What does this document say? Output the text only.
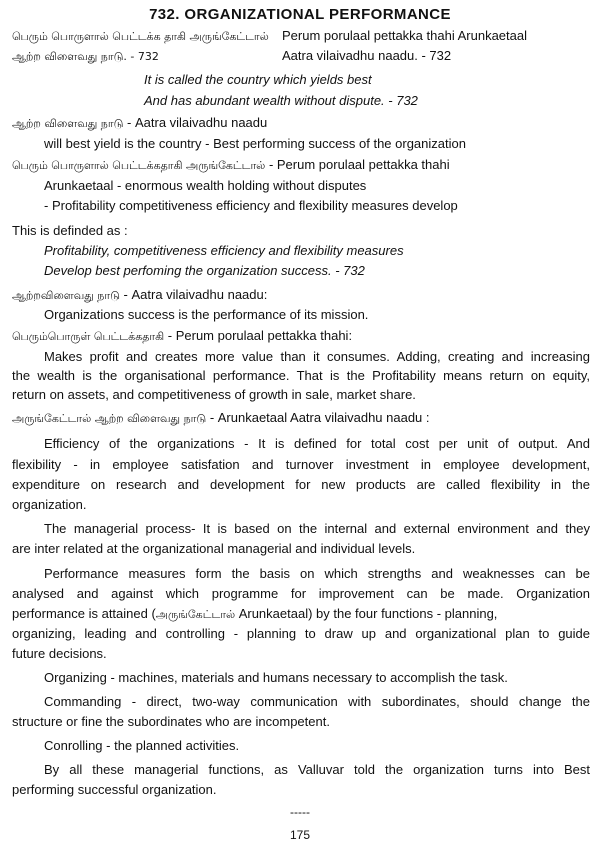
732. ORGANIZATIONAL PERFORMANCE
பெரும் பொருளால் பெட்டக்க தாகி அருங்கேட்டால் Perum porulaal pettakka thahi Arunkaetaal
ஆற்ற விளைவது நாடு. - 732	Aatra vilaivadhu naadu. - 732
It is called the country which yields best
And has abundant wealth without dispute. - 732
ஆற்ற விளைவது நாடு - Aatra vilaivadhu naadu
will best yield is the country - Best performing success of the organization
பெரும் பொருளால் பெட்டக்கதாகி அருங்கேட்டால் - Perum porulaal pettakka thahi
Arunkaetaal - enormous wealth holding without disputes
- Profitability competitiveness efficiency and flexibility measures develop
This is definded as :
Profitability, competitiveness efficiency and flexibility measures
Develop best perfoming the organization success. - 732
ஆற்றவிளைவது நாடு - Aatra vilaivadhu naadu:
Organizations success is the performance of its mission.
பெரும்பொருள் பெட்டக்கதாகி - Perum porulaal pettakka thahi:
Makes profit and creates more value than it consumes. Adding, creating and increasing
the wealth is the organisational performance. That is the Profitability means return on equity,
return on assets, and competitiveness of growth in sale, market share.
அருங்கேட்டால் ஆற்ற விளைவது நாடு - Arunkaetaal Aatra vilaivadhu naadu :
Efficiency of the organizations - It is defined for total cost per unit of output. And
flexibility - in employee satisfation and turnover investment in employee development,
expenditure on research and development for new products are called flexibility in the
organization.
The managerial process- It is based on the internal and external environment and they
are inter related at the organizational managerial and individual levels.
Performance measures form the basis on which strengths and weaknesses can be
analysed and against which programme for improvement can be made. Organization
performance is attained (அருங்கேட்டால் Arunkaetaal) by the four functions - planning,
organizing, leading and controlling - planning to draw up and organizational plan to guide
future decisions.
Organizing - machines, materials and humans necessary to accomplish the task.
Commanding - direct, two-way communication with subordinates, should change the
structure or fine the subordinates who are incompetent.
Conrolling - the planned activities.
By all these managerial functions, as Valluvar told the organization turns into Best
performing successful organization.
-----
175
